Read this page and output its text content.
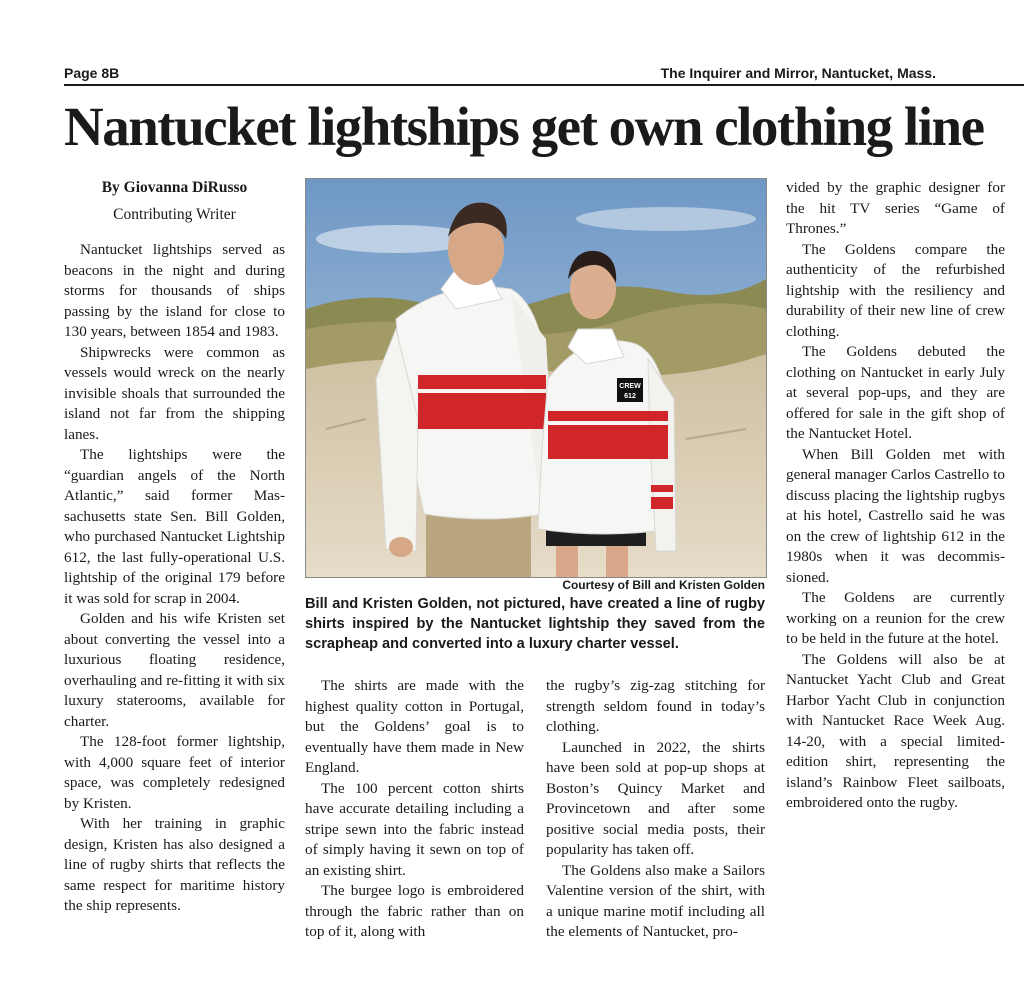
Page 8B	The Inquirer and Mirror, Nantucket, Mass.
Nantucket lightships get own clothing line
By Giovanna DiRusso
Contributing Writer

Nantucket lightships served as beacons in the night and during storms for thousands of ships passing by the island for close to 130 years, between 1854 and 1983.

Shipwrecks were common as vessels would wreck on the nearly invisible shoals that surrounded the island not far from the shipping lanes.

The lightships were the “guardian angels of the North Atlantic,” said former Massachusetts state Sen. Bill Golden, who purchased Nantucket Lightship 612, the last fully-operational U.S. lightship of the original 179 before it was sold for scrap in 2004.

Golden and his wife Kristen set about converting the vessel into a luxurious floating residence, overhauling and re-fitting it with six luxury staterooms, available for charter.

The 128-foot former lightship, with 4,000 square feet of interior space, was completely redesigned by Kristen.

With her training in graphic design, Kristen has also designed a line of rugby shirts that reflects the same respect for maritime history the ship represents.

CREW
612
Courtesy of Bill and Kristen Golden
Bill and Kristen Golden, not pictured, have created a line of rugby shirts inspired by the Nantucket lightship they saved from the scrapheap and converted into a luxury charter vessel.

The shirts are made with the highest quality cotton in Portugal, but the Goldens’ goal is to eventually have them made in New England.

The 100 percent cotton shirts have accurate detailing including a stripe sewn into the fabric instead of simply having it sewn on top of an existing shirt.

The burgee logo is embroidered through the fabric rather than on top of it, along with

the rugby’s zig-zag stitching for strength seldom found in today’s clothing.

Launched in 2022, the shirts have been sold at pop-up shops at Boston’s Quincy Market and Provincetown and after some positive social media posts, their popularity has taken off.

The Goldens also make a Sailors Valentine version of the shirt, with a unique marine motif including all the elements of Nantucket, pro-

vided by the graphic designer for the hit TV series “Game of Thrones.”

The Goldens compare the authenticity of the refurbished lightship with the resiliency and durability of their new line of crew clothing.

The Goldens debuted the clothing on Nantucket in early July at several pop-ups, and they are offered for sale in the gift shop of the Nantucket Hotel.

When Bill Golden met with general manager Carlos Castrello to discuss placing the lightship rugbys at his hotel, Castrello said he was on the crew of lightship 612 in the 1980s when it was decommissioned.

The Goldens are currently working on a reunion for the crew to be held in the future at the hotel.

The Goldens will also be at Nantucket Yacht Club and Great Harbor Yacht Club in conjunction with Nantucket Race Week Aug. 14-20, with a special limited-edition shirt, representing the island’s Rainbow Fleet sailboats, embroidered onto the rugby.
